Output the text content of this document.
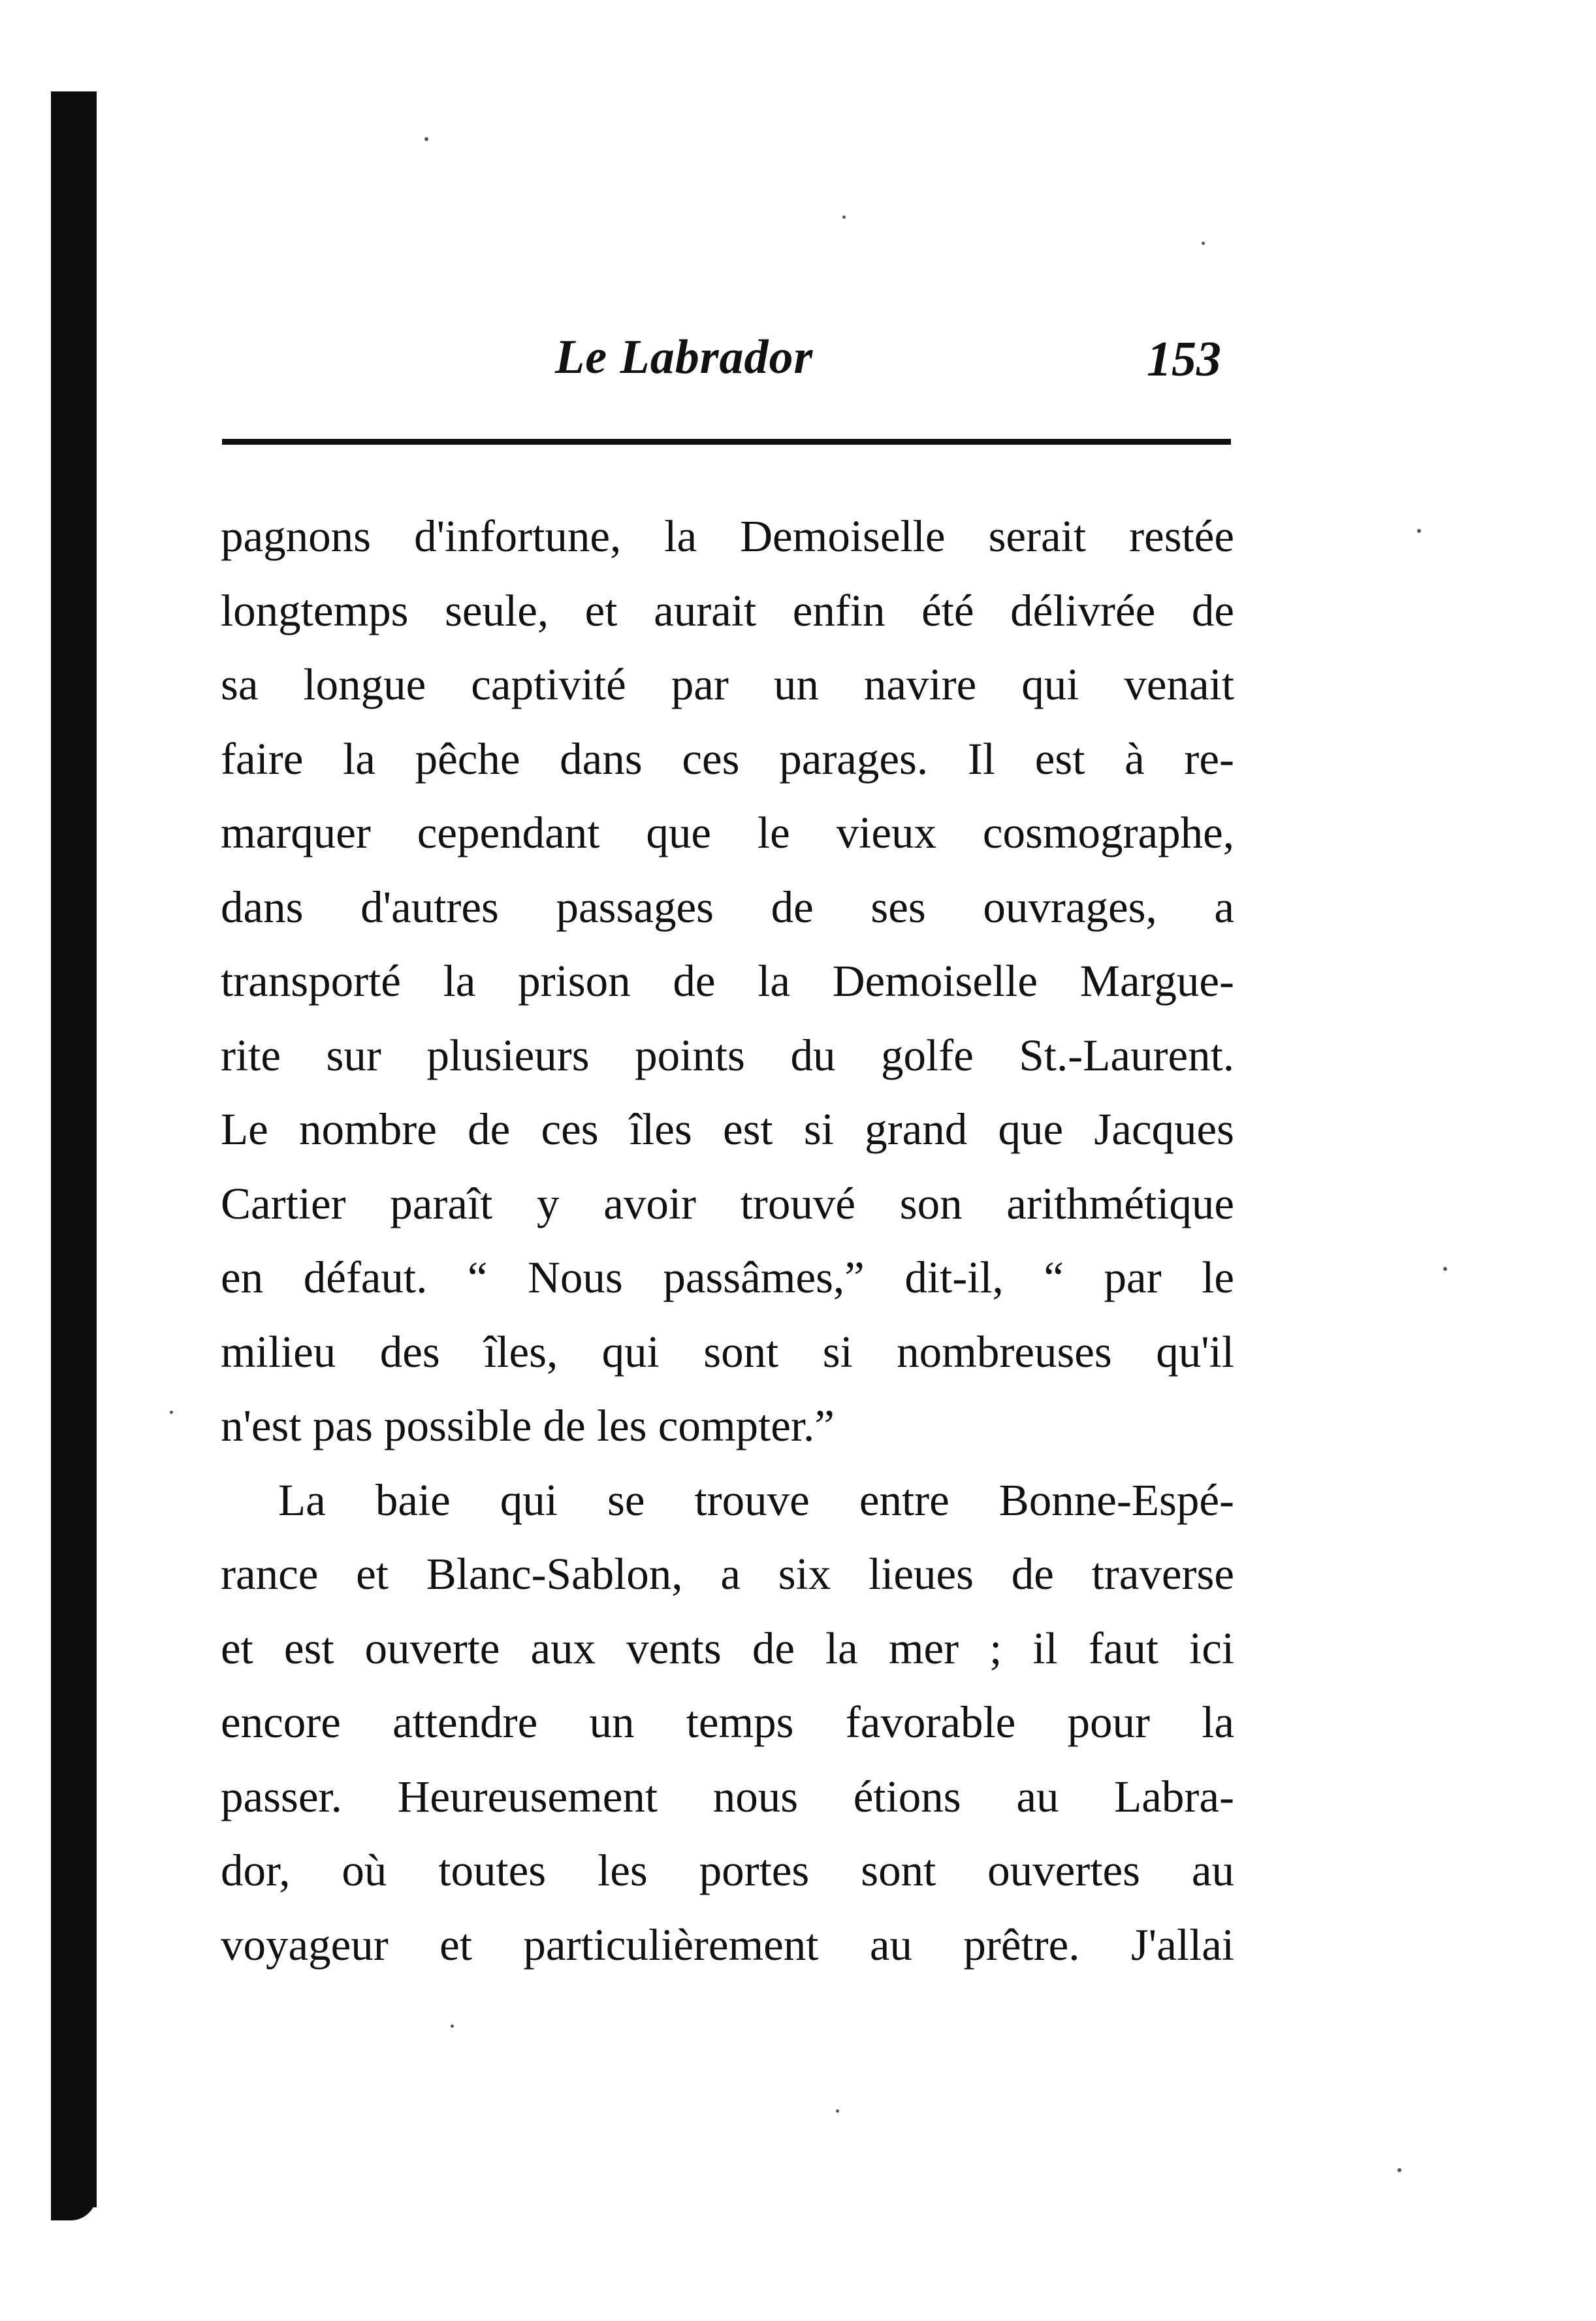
Le Labrador	153
pagnons d'infortune, la Demoiselle serait restée
longtemps seule, et aurait enfin été délivrée de
sa longue captivité par un navire qui venait
faire la pêche dans ces parages. Il est à re-
marquer cependant que le vieux cosmographe,
dans d'autres passages de ses ouvrages, a
transporté la prison de la Demoiselle Margue-
rite sur plusieurs points du golfe St.-Laurent.
Le nombre de ces îles est si grand que Jacques
Cartier paraît y avoir trouvé son arithmétique
en défaut. “ Nous passâmes,” dit-il, “ par le
milieu des îles, qui sont si nombreuses qu'il
n'est pas possible de les compter.”
La baie qui se trouve entre Bonne-Espé-
rance et Blanc-Sablon, a six lieues de traverse
et est ouverte aux vents de la mer ; il faut ici
encore attendre un temps favorable pour la
passer. Heureusement nous étions au Labra-
dor, où toutes les portes sont ouvertes au
voyageur et particulièrement au prêtre. J'allai
